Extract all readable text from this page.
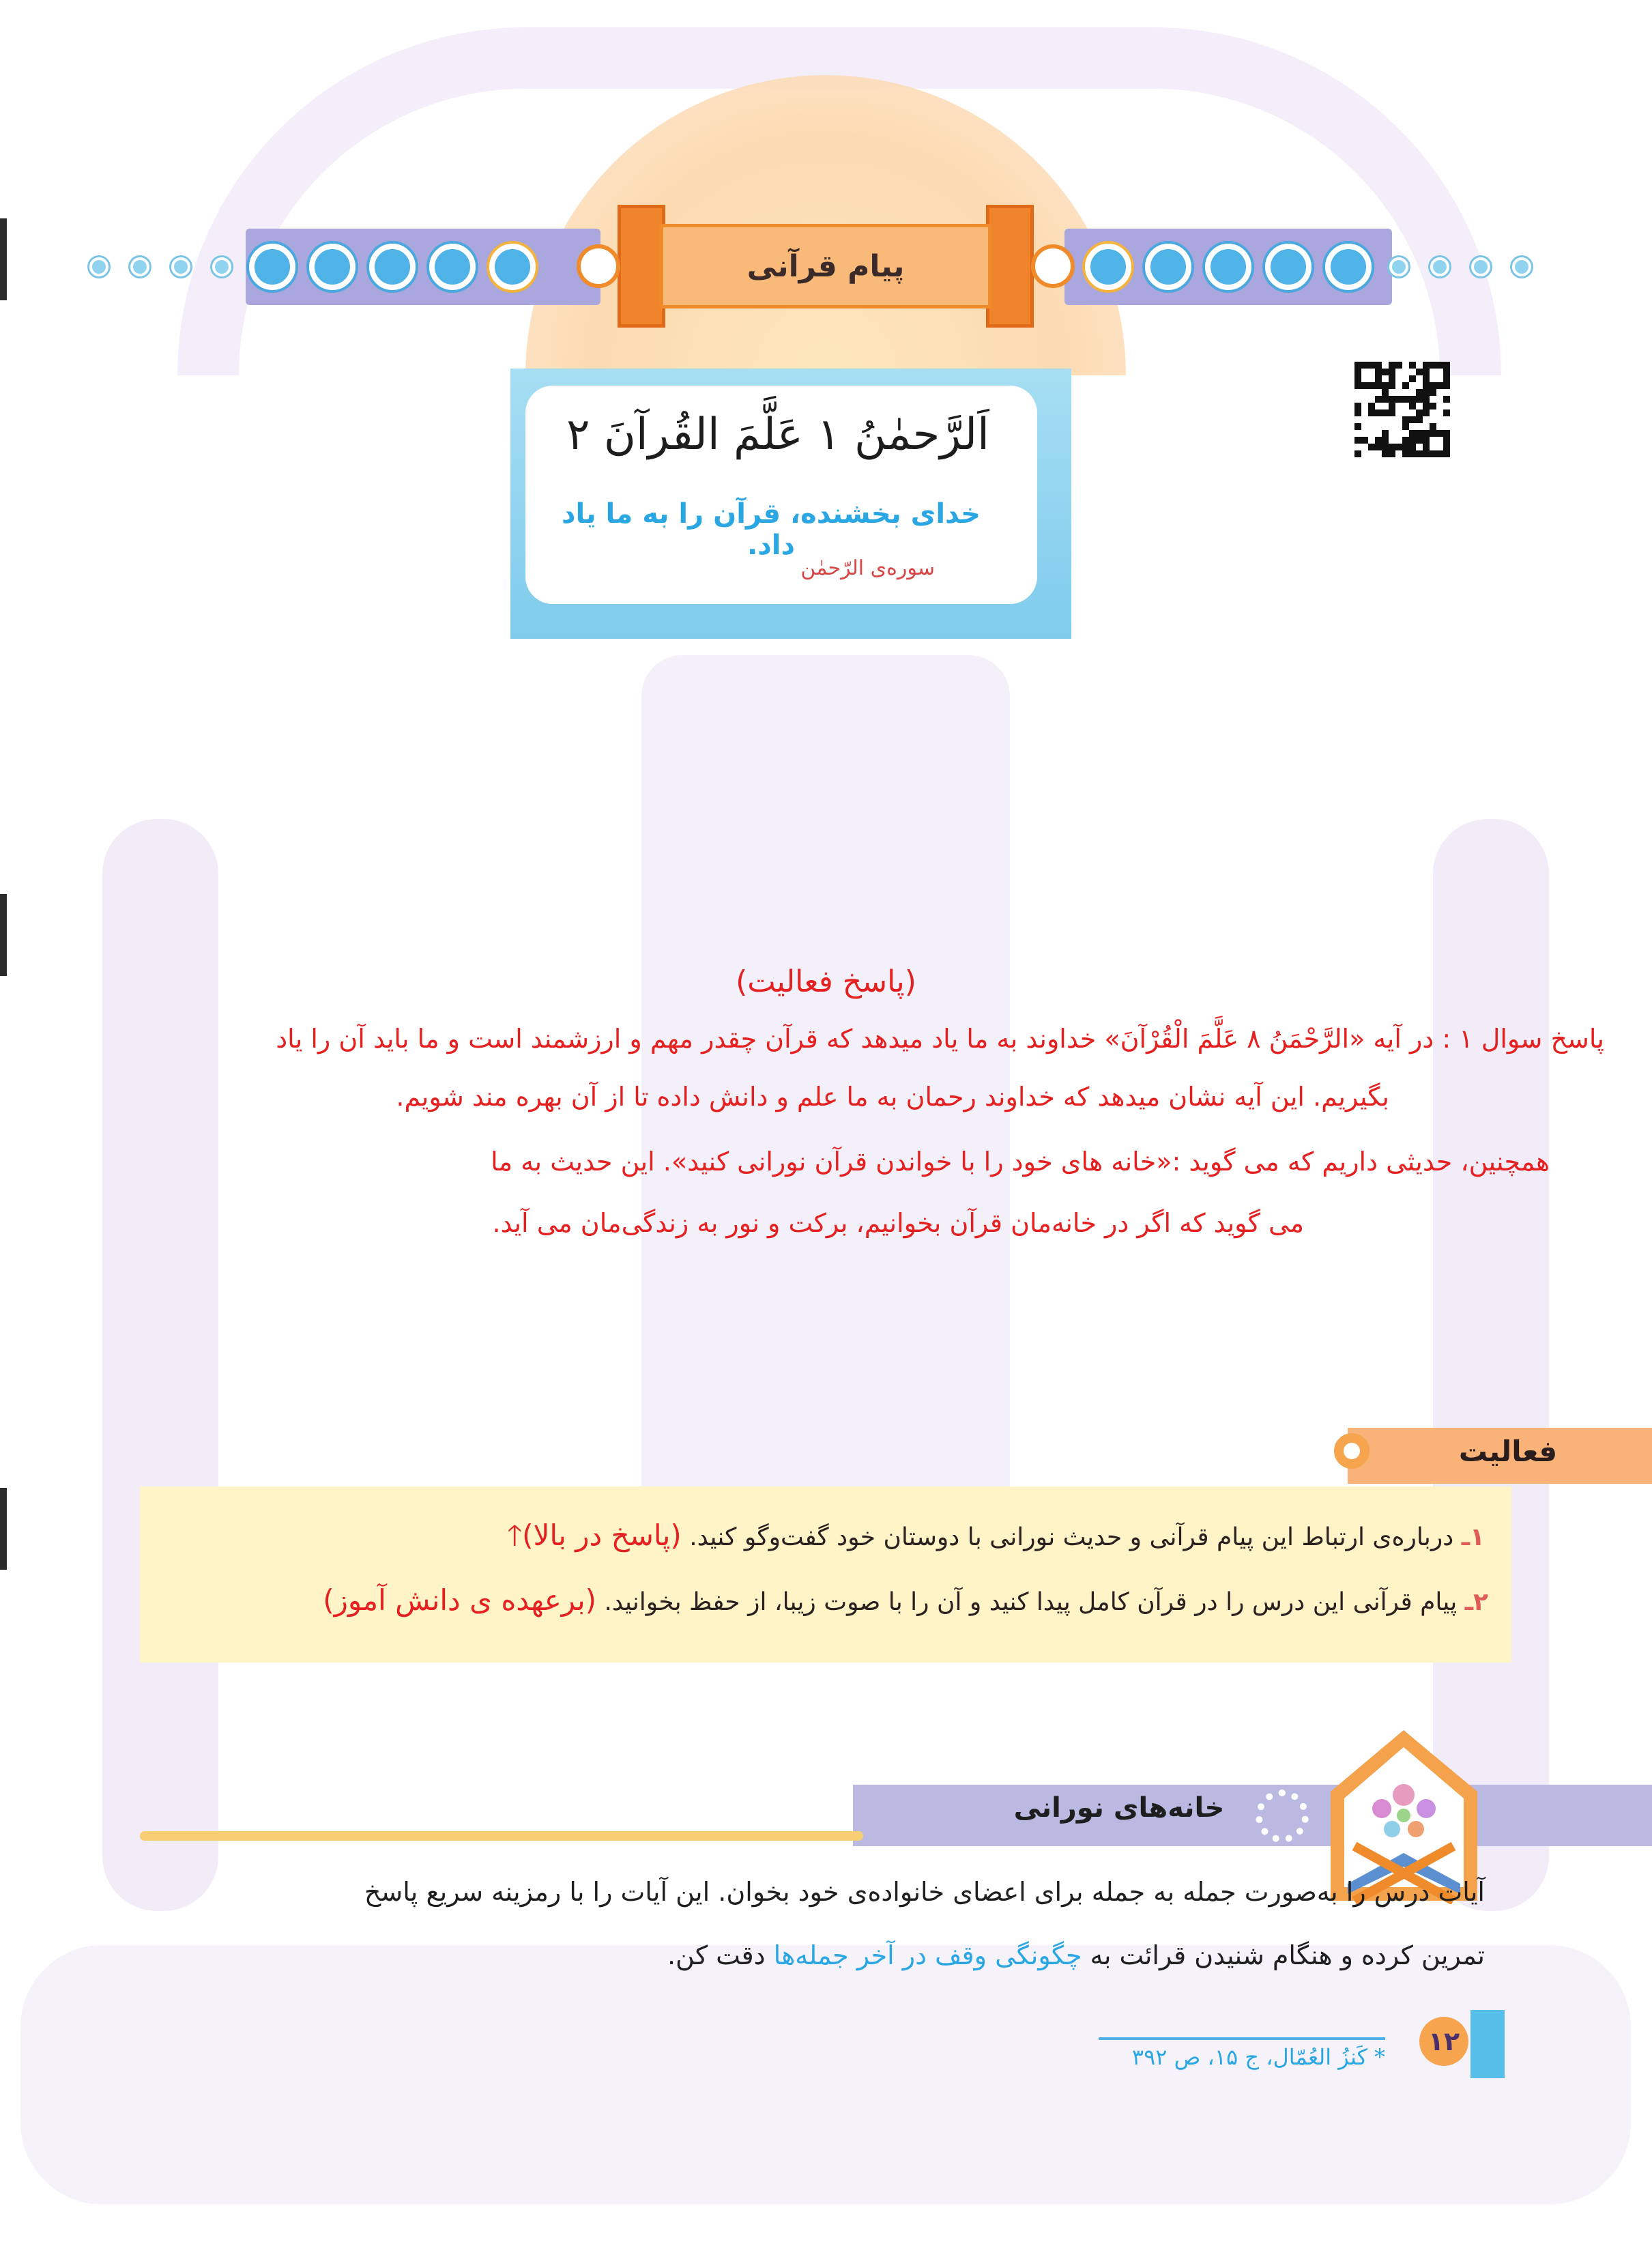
پیام قرآنی
اَلرَّحمٰنُ ١ عَلَّمَ القُرآنَ ٢
خدای بخشنده، قرآن را به ما یاد داد.
سوره‌ی الرّحمٰن
(پاسخ فعالیت)
پاسخ سوال ۱ : در آیه «الرَّحْمَنُ ۸ عَلَّمَ الْقُرْآنَ» خداوند به ما یاد میدهد که قرآن چقدر مهم و ارزشمند است و ما باید آن را یاد
بگیریم. این آیه نشان میدهد که خداوند رحمان به ما علم و دانش داده تا از آن بهره مند شویم.
همچنین، حدیثی داریم که می گوید :«خانه های خود را با خواندن قرآن نورانی کنید». این حدیث به ما
می گوید که اگر در خانه‌مان قرآن بخوانیم، برکت و نور به زندگی‌مان می آید.
فعالیت
۱ـ درباره‌ی ارتباط این پیام قرآنی و حدیث نورانی با دوستان خود گفت‌وگو کنید. (پاسخ در بالا)🡑
۲ـ پیام قرآنی این درس را در قرآن کامل پیدا کنید و آن را با صوت زیبا، از حفظ بخوانید. (برعهده ی دانش آموز)
خانه‌های نورانی
آیات درس را به‌صورت جمله به جمله برای اعضای خانواده‌ی خود بخوان. این آیات را با رمزینه سریع پاسخ
تمرین کرده و هنگام شنیدن قرائت به چگونگی وقف در آخر جمله‌ها دقت کن.
* کَنزُ العُمّال، ج ۱۵، ص ۳۹۲
۱۲
